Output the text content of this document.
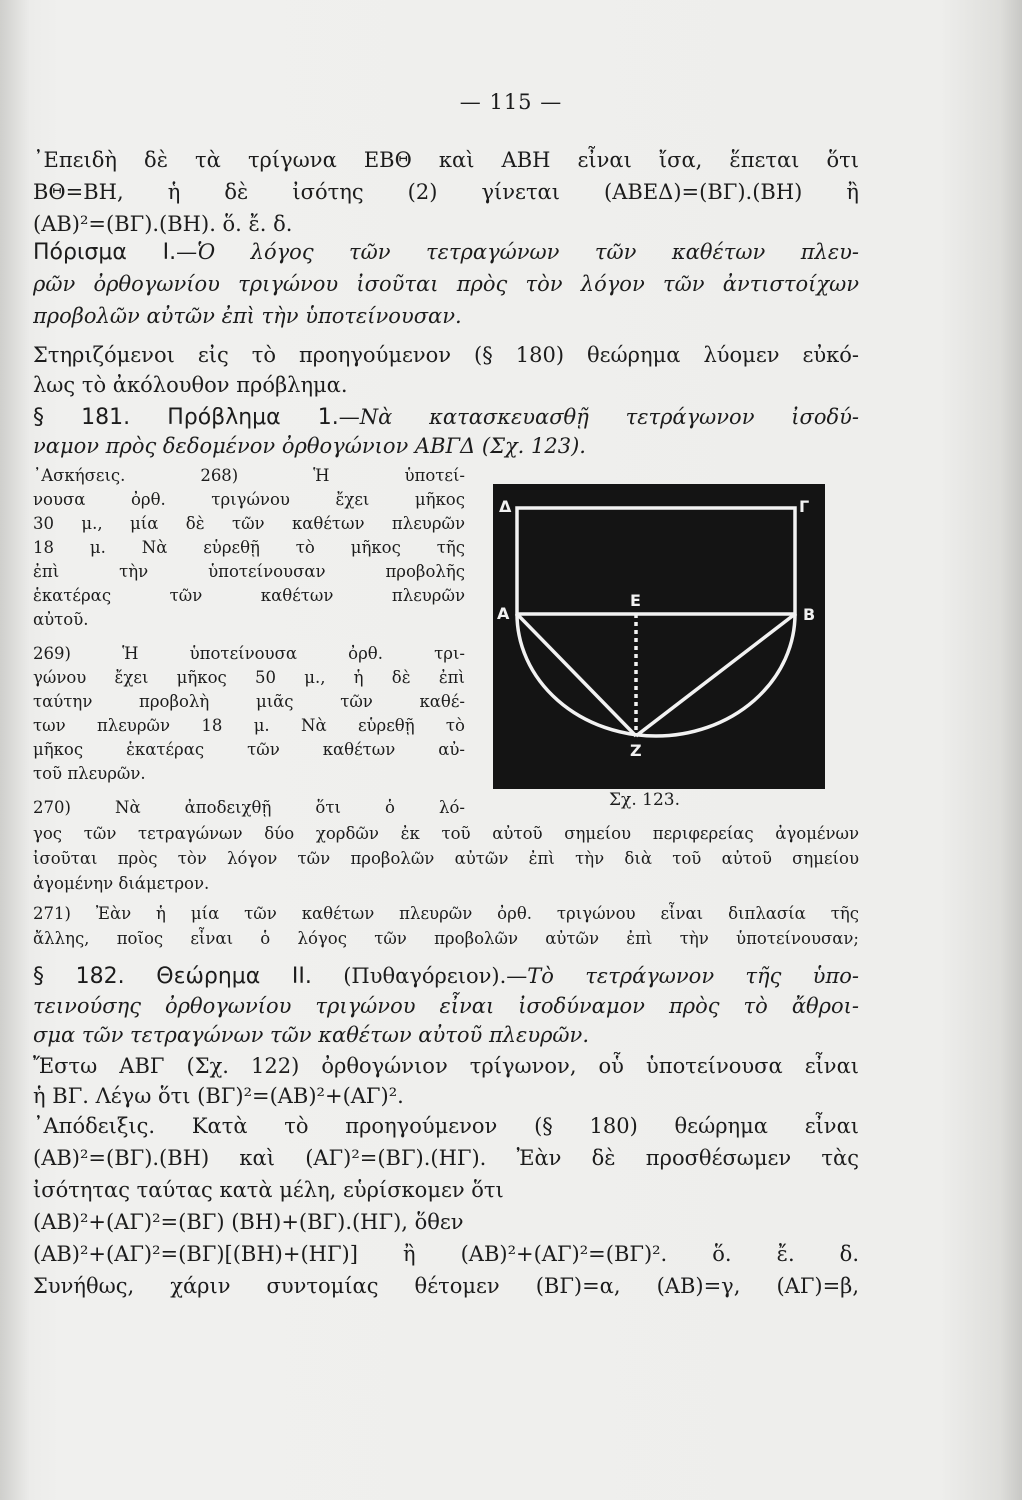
— 115 —
᾿Επειδὴ δὲ τὰ τρίγωνα ΕΒΘ καὶ ΑΒΗ εἶναι ἴσα, ἕπεται ὅτι
ΒΘ=ΒΗ, ἡ δὲ ἰσότης (2) γίνεται (ΑΒΕΔ)=(ΒΓ).(ΒΗ) ἢ
(ΑΒ)²=(ΒΓ).(ΒΗ). ὅ. ἔ. δ.
Πόρισμα Ι.—Ὁ λόγος τῶν τετραγώνων τῶν καθέτων πλευ-
ρῶν ὀρθογωνίου τριγώνου ἰσοῦται πρὸς τὸν λόγον τῶν ἀντιστοίχων
προβολῶν αὐτῶν ἐπὶ τὴν ὑποτείνουσαν.
Στηριζόμενοι εἰς τὸ προηγούμενον (§ 180) θεώρημα λύομεν εὐκό-
λως τὸ ἀκόλουθον πρόβλημα.
§ 181. Πρόβλημα 1.—Νὰ κατασκευασθῇ τετράγωνον ἰσοδύ-
ναμον πρὸς δεδομένον ὀρθογώνιον ΑΒΓΔ (Σχ. 123).
᾿Ασκήσεις. 268) Ἡ ὑποτεί-
νουσα ὀρθ. τριγώνου ἔχει μῆκος
30 μ., μία δὲ τῶν καθέτων πλευρῶν
18 μ. Νὰ εὑρεθῇ τὸ μῆκος τῆς
ἐπὶ τὴν ὑποτείνουσαν προβολῆς
ἑκατέρας τῶν καθέτων πλευρῶν
αὐτοῦ.
269) Ἡ ὑποτείνουσα ὀρθ. τρι-
γώνου ἔχει μῆκος 50 μ., ἡ δὲ ἐπὶ
ταύτην προβολὴ μιᾶς τῶν καθέ-
των πλευρῶν 18 μ. Νὰ εὑρεθῇ τὸ
μῆκος ἑκατέρας τῶν καθέτων αὐ-
τοῦ πλευρῶν.
270) Νὰ ἀποδειχθῇ ὅτι ὁ λό-
Δ	Γ
Α
Ε
Β
Ζ
Σχ. 123.
γος τῶν τετραγώνων δύο χορδῶν ἐκ τοῦ αὐτοῦ σημείου περιφερείας ἀγομένων
ἰσοῦται πρὸς τὸν λόγον τῶν προβολῶν αὐτῶν ἐπὶ τὴν διὰ τοῦ αὐτοῦ σημείου
ἀγομένην διάμετρον.
271) Ἐὰν ἡ μία τῶν καθέτων πλευρῶν ὀρθ. τριγώνου εἶναι διπλασία τῆς
ἄλλης, ποῖος εἶναι ὁ λόγος τῶν προβολῶν αὐτῶν ἐπὶ τὴν ὑποτείνουσαν;
§ 182. Θεώρημα ΙΙ. (Πυθαγόρειον).—Τὸ τετράγωνον τῆς ὑπο-
τεινούσης ὀρθογωνίου τριγώνου εἶναι ἰσοδύναμον πρὸς τὸ ἄθροι-
σμα τῶν τετραγώνων τῶν καθέτων αὐτοῦ πλευρῶν.
Ἔστω ΑΒΓ (Σχ. 122) ὀρθογώνιον τρίγωνον, οὗ ὑποτείνουσα εἶναι
ἡ ΒΓ. Λέγω ὅτι (ΒΓ)²=(ΑΒ)²+(ΑΓ)².
᾿Απόδειξις. Κατὰ τὸ προηγούμενον (§ 180) θεώρημα εἶναι
(ΑΒ)²=(ΒΓ).(ΒΗ) καὶ (ΑΓ)²=(ΒΓ).(ΗΓ). Ἐὰν δὲ προσθέσωμεν τὰς
ἰσότητας ταύτας κατὰ μέλη, εὑρίσκομεν ὅτι
(ΑΒ)²+(ΑΓ)²=(ΒΓ) (ΒΗ)+(ΒΓ).(ΗΓ), ὅθεν
(ΑΒ)²+(ΑΓ)²=(ΒΓ)[(ΒΗ)+(ΗΓ)] ἢ (ΑΒ)²+(ΑΓ)²=(ΒΓ)². ὅ. ἔ. δ.
Συνήθως, χάριν συντομίας θέτομεν (ΒΓ)=α, (ΑΒ)=γ, (ΑΓ)=β,
